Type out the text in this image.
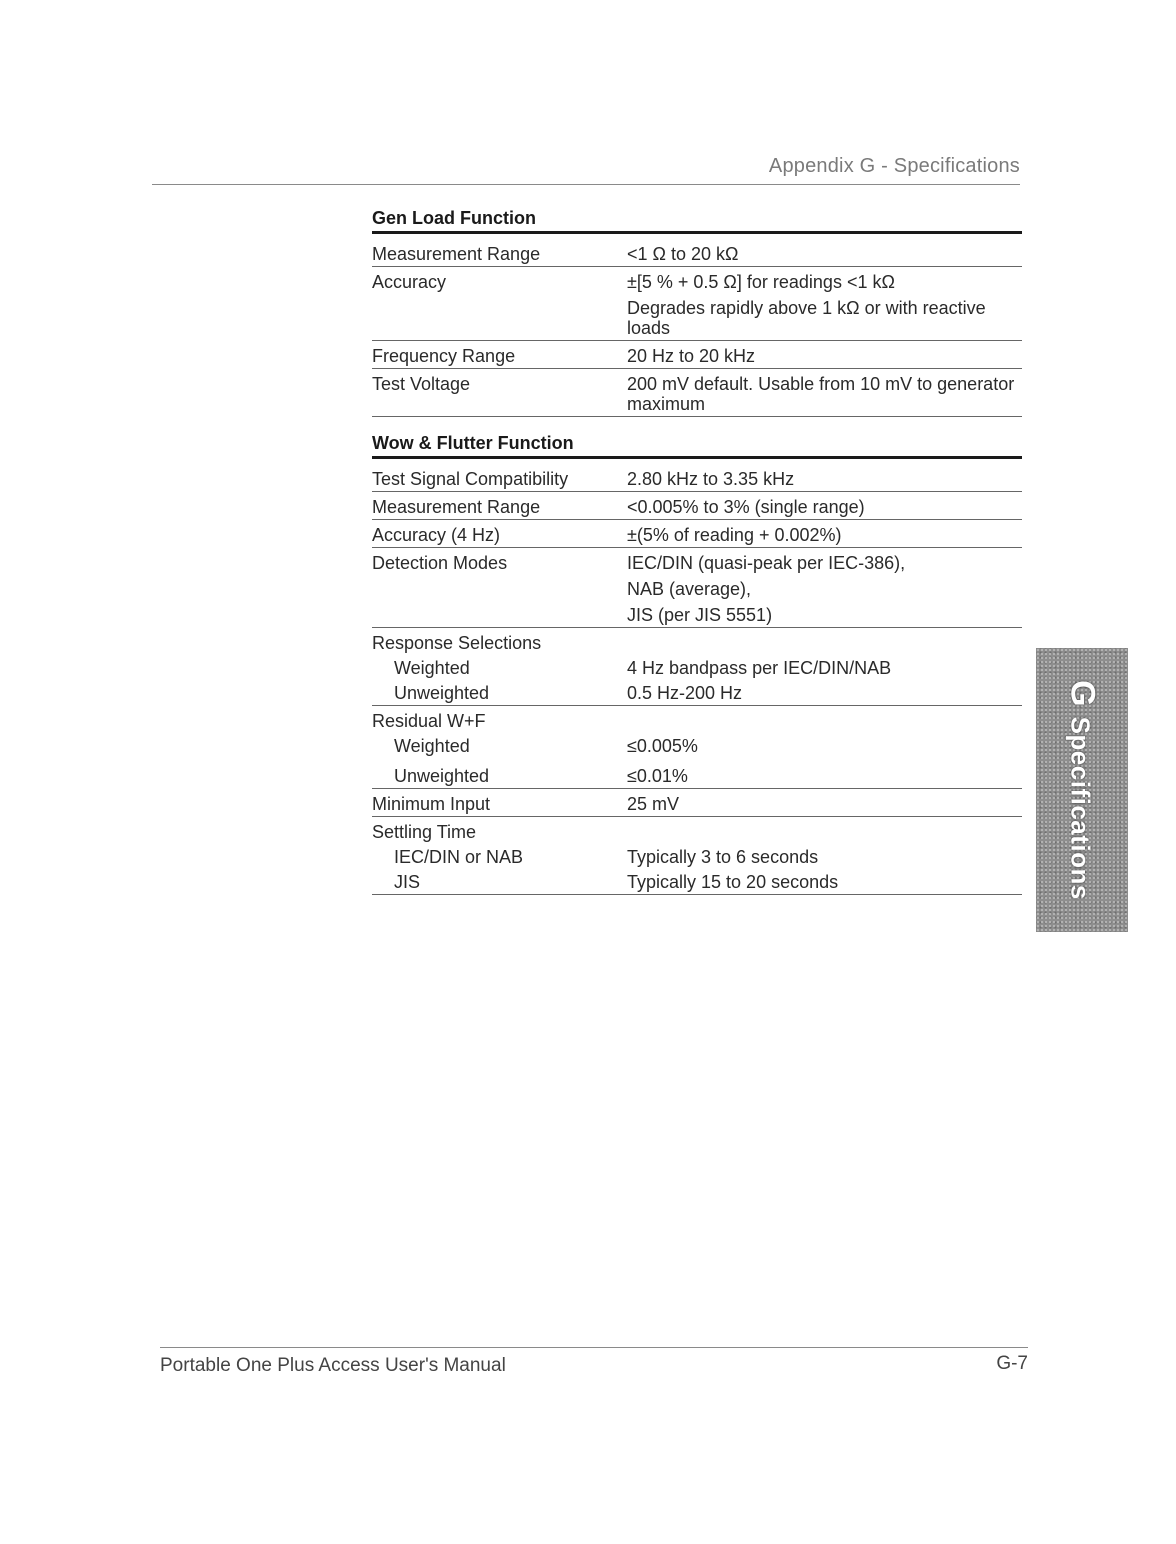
Appendix G - Specifications
Gen Load Function
Measurement Range	<1 Ω to 20 kΩ
Accuracy	±[5 % + 0.5 Ω] for readings <1 kΩ

Degrades rapidly above 1 kΩ or with reactive loads

Frequency Range	20 Hz to 20 kHz
Test Voltage	200 mV default. Usable from 10 mV to generator maximum
Wow & Flutter Function
Test Signal Compatibility	2.80 kHz to 3.35 kHz
Measurement Range	<0.005% to 3% (single range)
Accuracy (4 Hz)	±(5% of reading + 0.002%)
Detection Modes	IEC/DIN (quasi-peak per IEC-386),
NAB (average),
JIS (per JIS 5551)
Response Selections
Weighted	4 Hz bandpass per IEC/DIN/NAB
Unweighted	0.5 Hz-200 Hz
Residual W+F
Weighted	≤0.005%
Unweighted	≤0.01%
Minimum Input	25 mV
Settling Time
IEC/DIN or NAB	Typically 3 to 6 seconds
JIS	Typically 15 to 20 seconds
GSpecifications
Portable One Plus Access User's Manual	G-7
